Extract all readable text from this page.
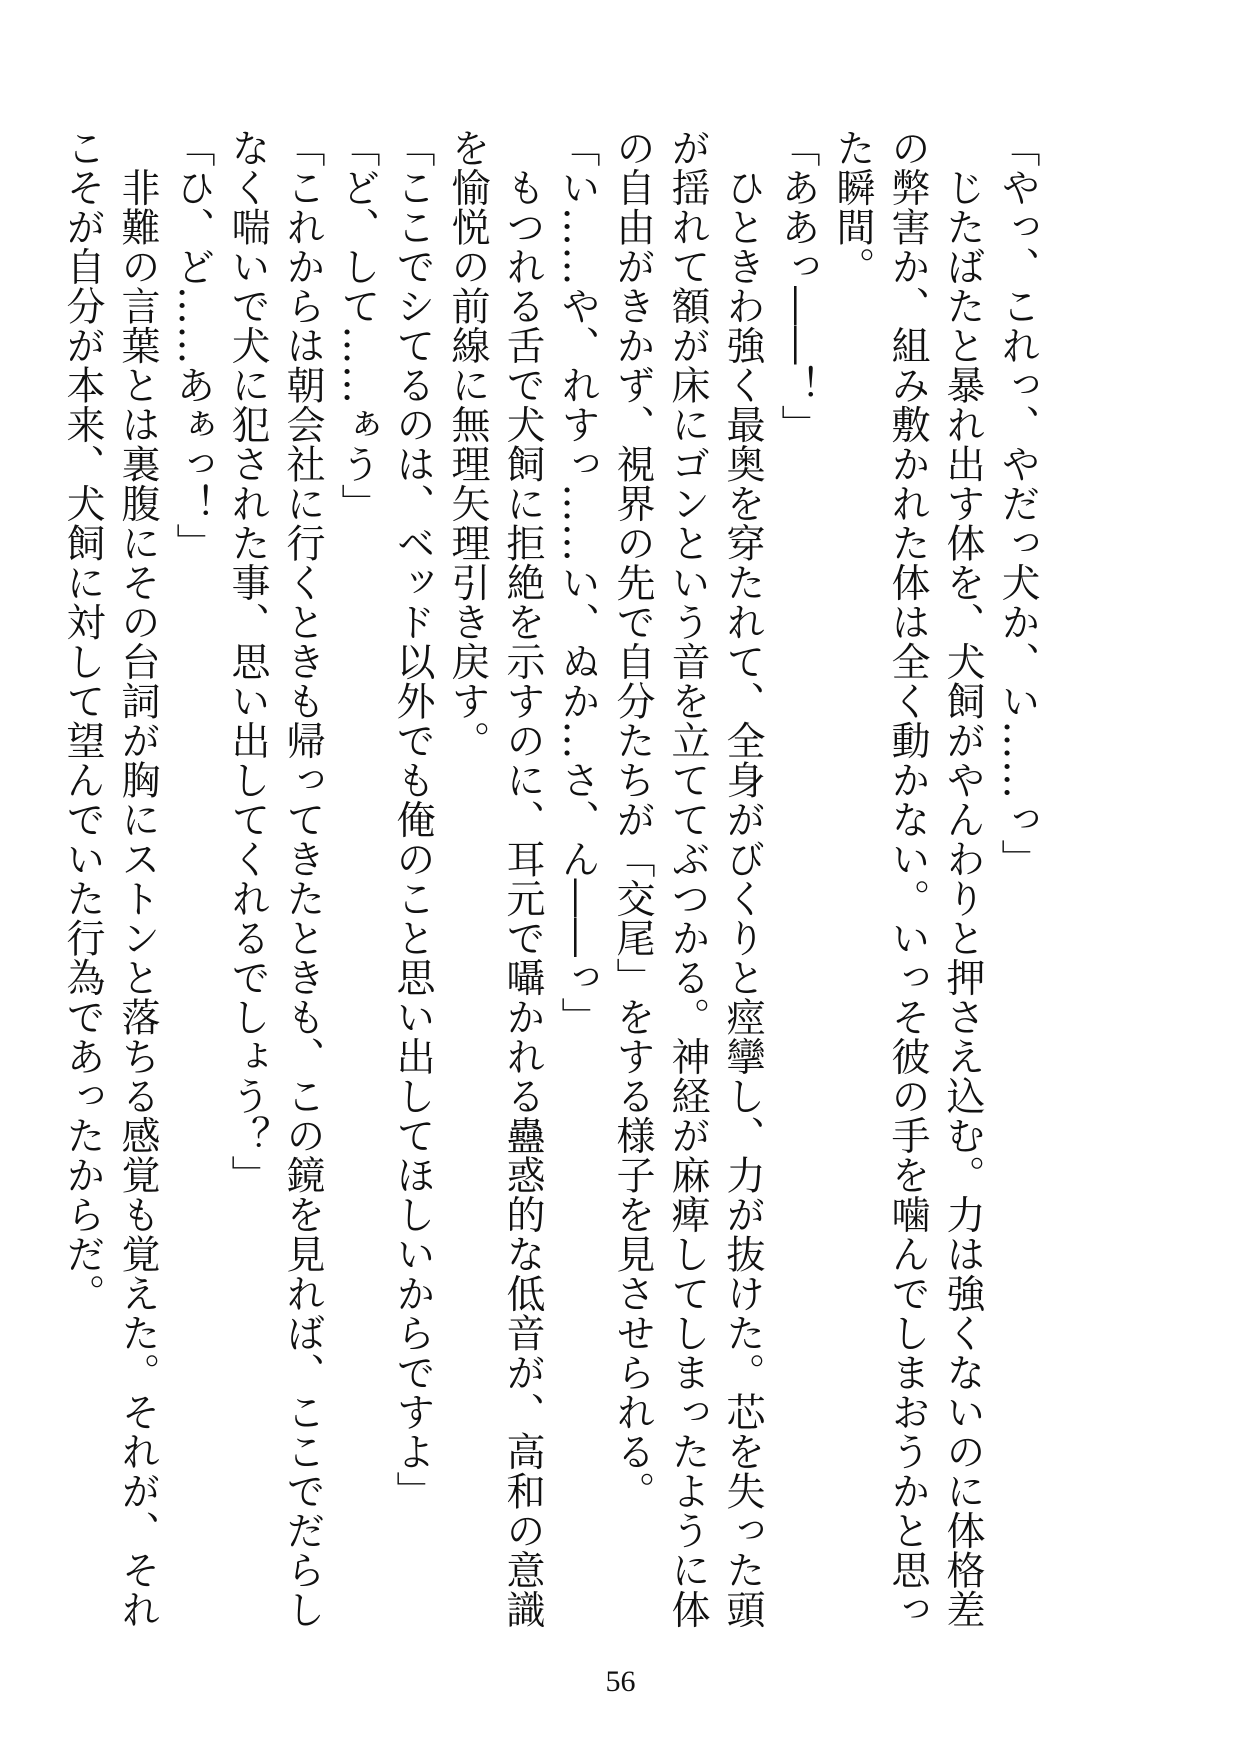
「やっ、これっ、やだっ犬か、い……っ」
　じたばたと暴れ出す体を、犬飼がやんわりと押さえ込む。力は強くないのに体格差
の弊害か、組み敷かれた体は全く動かない。いっそ彼の手を噛んでしまおうかと思っ
た瞬間。
「ああっ――！」
　ひときわ強く最奥を穿たれて、全身がびくりと痙攣し、力が抜けた。芯を失った頭
が揺れて額が床にゴンという音を立ててぶつかる。神経が麻痺してしまったように体
の自由がきかず、視界の先で自分たちが「交尾」をする様子を見させられる。
「い……や、れすっ……い、ぬか…さ、ん――っ」
　もつれる舌で犬飼に拒絶を示すのに、耳元で囁かれる蠱惑的な低音が、高和の意識
を愉悦の前線に無理矢理引き戻す。
「ここでシてるのは、ベッド以外でも俺のこと思い出してほしいからですよ」
「ど、して……ぁう」
「これからは朝会社に行くときも帰ってきたときも、この鏡を見れば、ここでだらし
なく喘いで犬に犯された事、思い出してくれるでしょう？」
「ひ、ど……あぁっ！」
　非難の言葉とは裏腹にその台詞が胸にストンと落ちる感覚も覚えた。それが、それ
こそが自分が本来、犬飼に対して望んでいた行為であったからだ。
56
